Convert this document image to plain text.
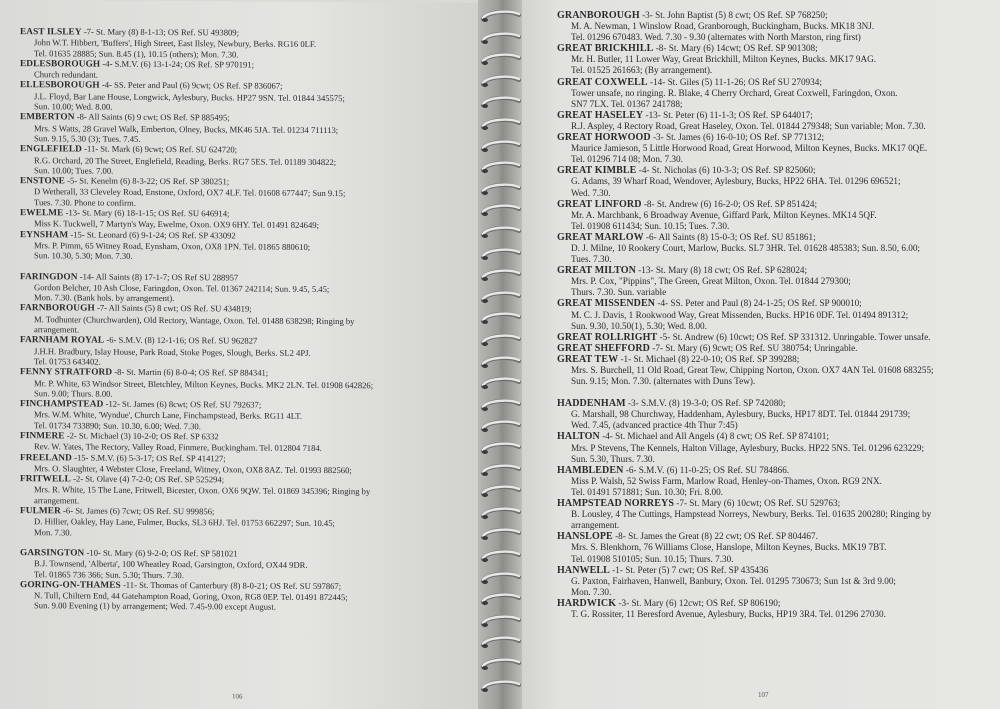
EAST ILSLEY -7- St. Mary (8) 8-1-13; OS Ref. SU 493809;
John W.T. Hibbert, 'Buffers', High Street, East Ilsley, Newbury, Berks. RG16 0LF.
Tel. 01635 28885; Sun. 8.45 (1), 10.15 (others); Mon. 7.30.
EDLESBOROUGH -4- S.M.V. (6) 13-1-24; OS Ref. SP 970191;
Church redundant.
ELLESBOROUGH -4- SS. Peter and Paul (6) 9cwt; OS Ref. SP 836067;
J.L. Floyd, Bar Lane House, Longwick, Aylesbury, Bucks. HP27 9SN. Tel. 01844 345575;
Sun. 10.00; Wed. 8.00.
EMBERTON -8- All Saints (6) 9 cwt; OS Ref. SP 885495;
Mrs. S Watts, 28 Gravel Walk, Emberton, Olney, Bucks, MK46 5JA. Tel. 01234 711113;
Sun. 9.15, 5.30 (3); Tues. 7.45.
ENGLEFIELD -11- St. Mark (6) 9cwt; OS Ref. SU 624720;
R.G. Orchard, 20 The Street, Englefield, Reading, Berks. RG7 5ES. Tel. 01189 304822;
Sun. 10.00; Tues. 7.00.
ENSTONE -5- St. Kenelm (6) 8-3-22; OS Ref. SP 380251;
D Wetherall, 33 Cleveley Road, Enstone, Oxford, OX7 4LF. Tel. 01608 677447; Sun 9.15;
Tues. 7.30. Phone to confirm.
EWELME -13- St. Mary (6) 18-1-15; OS Ref. SU 646914;
Miss K. Tuckwell, 7 Martyn's Way, Ewelme, Oxon. OX9 6HY. Tel. 01491 824649;
EYNSHAM -15- St. Leonard (6) 9-1-24; OS Ref. SP 433092
Mrs. P. Pimm, 65 Witney Road, Eynsham, Oxon, OX8 1PN. Tel. 01865 880610;
Sun. 10.30, 5.30; Mon. 7.30.
FARINGDON -14- All Saints (8) 17-1-7; OS Ref SU 288957
Gordon Belcher, 10 Ash Close, Faringdon, Oxon. Tel. 01367 242114; Sun. 9.45, 5.45;
Mon. 7.30. (Bank hols. by arrangement).
FARNBOROUGH -7- All Saints (5) 8 cwt; OS Ref. SU 434819;
M. Todhunter (Churchwarden), Old Rectory, Wantage, Oxon. Tel. 01488 638298; Ringing by
arrangement.
FARNHAM ROYAL -6- S.M.V. (8) 12-1-16; OS Ref. SU 962827
J.H.H. Bradbury, Islay House, Park Road, Stoke Poges, Slough, Berks. SL2 4PJ.
Tel. 01753 643402.
FENNY STRATFORD -8- St. Martin (6) 8-0-4; OS Ref. SP 884341;
Mr. P. White, 63 Windsor Street, Bletchley, Milton Keynes, Bucks. MK2 2LN. Tel. 01908 642826;
Sun. 9.00; Thurs. 8.00.
FINCHAMPSTEAD -12- St. James (6) 8cwt; OS Ref. SU 792637;
Mrs. W.M. White, 'Wyndue', Church Lane, Finchampstead, Berks. RG11 4LT.
Tel. 01734 733890; Sun. 10.30, 6.00; Wed. 7.30.
FINMERE -2- St. Michael (3) 10-2-0; OS Ref. SP 6332
Rev. W. Yates, The Rectory, Valley Road, Finmere, Buckingham. Tel. 012804 7184.
FREELAND -15- S.M.V. (6) 5-3-17; OS Ref. SP 414127;
Mrs. O. Slaughter, 4 Webster Close, Freeland, Witney, Oxon, OX8 8AZ. Tel. 01993 882560;
FRITWELL -2- St. Olave (4) 7-2-0; OS Ref. SP 525294;
Mrs. R. White, 15 The Lane, Fritwell, Bicester, Oxon. OX6 9QW. Tel. 01869 345396; Ringing by
arrangement.
FULMER -6- St. James (6) 7cwt; OS Ref. SU 999856;
D. Hillier, Oakley, Hay Lane, Fulmer, Bucks, SL3 6HJ. Tel. 01753 662297; Sun. 10.45;
Mon. 7.30.
GARSINGTON -10- St. Mary (6) 9-2-0; OS Ref. SP 581021
B.J. Townsend, 'Alberta', 100 Wheatley Road, Garsington, Oxford, OX44 9DR.
Tel. 01865 736 366; Sun. 5.30; Thurs. 7.30.
GORING-ON-THAMES -11- St. Thomas of Canterbury (8) 8-0-21; OS Ref. SU 597867;
N. Tull, Chiltern End, 44 Gatehampton Road, Goring, Oxon, RG8 0EP. Tel. 01491 872445;
Sun. 9.00 Evening (1) by arrangement; Wed. 7.45-9.00 except August.
106
GRANBOROUGH -3- St. John Baptist (5) 8 cwt; OS Ref. SP 768250;
M. A. Newman, 1 Winslow Road, Granborough, Buckingham, Bucks. MK18 3NJ.
Tel. 01296 670483. Wed. 7.30 - 9.30 (alternates with North Marston, ring first)
GREAT BRICKHILL -8- St. Mary (6) 14cwt; OS Ref. SP 901308;
Mr. H. Butler, 11 Lower Way, Great Brickhill, Milton Keynes, Bucks. MK17 9AG.
Tel. 01525 261663; (By arrangement).
GREAT COXWELL -14- St. Giles (5) 11-1-26; OS Ref SU 270934;
Tower unsafe, no ringing. R. Blake, 4 Cherry Orchard, Great Coxwell, Faringdon, Oxon.
SN7 7LX. Tel. 01367 241788;
GREAT HASELEY -13- St. Peter (6) 11-1-3; OS Ref. SP 644017;
R.J. Aspley, 4 Rectory Road, Great Haseley, Oxon. Tel. 01844 279348; Sun variable; Mon. 7.30.
GREAT HORWOOD -3- St. James (6) 16-0-10; OS Ref. SP 771312;
Maurice Jamieson, 5 Little Horwood Road, Great Horwood, Milton Keynes, Bucks. MK17 0QE.
Tel. 01296 714 08; Mon. 7.30.
GREAT KIMBLE -4- St. Nicholas (6) 10-3-3; OS Ref. SP 825060;
G. Adams, 39 Wharf Road, Wendover, Aylesbury, Bucks, HP22 6HA. Tel. 01296 696521;
Wed. 7.30.
GREAT LINFORD -8- St. Andrew (6) 16-2-0; OS Ref. SP 851424;
Mr. A. Marchbank, 6 Broadway Avenue, Giffard Park, Milton Keynes. MK14 5QF.
Tel. 01908 611434; Sun. 10.15; Tues. 7.30.
GREAT MARLOW -6- All Saints (8) 15-0-3; OS Ref. SU 851861;
D. J. Milne, 10 Rookery Court, Marlow, Bucks. SL7 3HR. Tel. 01628 485383; Sun. 8.50, 6.00;
Tues. 7.30.
GREAT MILTON -13- St. Mary (8) 18 cwt; OS Ref. SP 628024;
Mrs. P. Cox, "Pippins", The Green, Great Milton, Oxon. Tel. 01844 279300;
Thurs. 7.30. Sun. variable
GREAT MISSENDEN -4- SS. Peter and Paul (8) 24-1-25; OS Ref. SP 900010;
M. C. J. Davis, 1 Rookwood Way, Great Missenden, Bucks. HP16 0DF. Tel. 01494 891312;
Sun. 9.30, 10.50(1), 5.30; Wed. 8.00.
GREAT ROLLRIGHT -5- St. Andrew (6) 10cwt; OS Ref. SP 331312. Unringable. Tower unsafe.
GREAT SHEFFORD -7- St. Mary (6) 9cwt; OS Ref. SU 380754; Unringable.
GREAT TEW -1- St. Michael (8) 22-0-10; OS Ref. SP 399288;
Mrs. S. Burchell, 11 Old Road, Great Tew, Chipping Norton, Oxon. OX7 4AN Tel. 01608 683255;
Sun. 9.15; Mon. 7.30. (alternates with Duns Tew).
HADDENHAM -3- S.M.V. (8) 19-3-0; OS Ref. SP 742080;
G. Marshall, 98 Churchway, Haddenham, Aylesbury, Bucks, HP17 8DT. Tel. 01844 291739;
Wed. 7.45, (advanced practice 4th Thur 7:45)
HALTON -4- St. Michael and All Angels (4) 8 cwt; OS Ref. SP 874101;
Mrs. P Stevens, The Kennels, Halton Village, Aylesbury, Bucks. HP22 5NS. Tel. 01296 623229;
Sun. 5.30, Thurs. 7.30.
HAMBLEDEN -6- S.M.V. (6) 11-0-25; OS Ref. SU 784866.
Miss P. Walsh, 52 Swiss Farm, Marlow Road, Henley-on-Thames, Oxon. RG9 2NX.
Tel. 01491 571881; Sun. 10.30; Fri. 8.00.
HAMPSTEAD NORREYS -7- St. Mary (6) 10cwt; OS Ref. SU 529763;
B. Lousley, 4 The Cuttings, Hampstead Norreys, Newbury, Berks. Tel. 01635 200280; Ringing by
arrangement.
HANSLOPE -8- St. James the Great (8) 22 cwt; OS Ref. SP 804467.
Mrs. S. Blenkhorn, 76 Williams Close, Hanslope, Milton Keynes, Bucks. MK19 7BT.
Tel. 01908 510105; Sun. 10.15; Thurs. 7.30.
HANWELL -1- St. Peter (5) 7 cwt; OS Ref. SP 435436
G. Paxton, Fairhaven, Hanwell, Banbury, Oxon. Tel. 01295 730673; Sun 1st & 3rd 9.00;
Mon. 7.30.
HARDWICK -3- St. Mary (6) 12cwt; OS Ref. SP 806190;
T. G. Rossiter, 11 Beresford Avenue, Aylesbury, Bucks, HP19 3R4. Tel. 01296 27030.
107
